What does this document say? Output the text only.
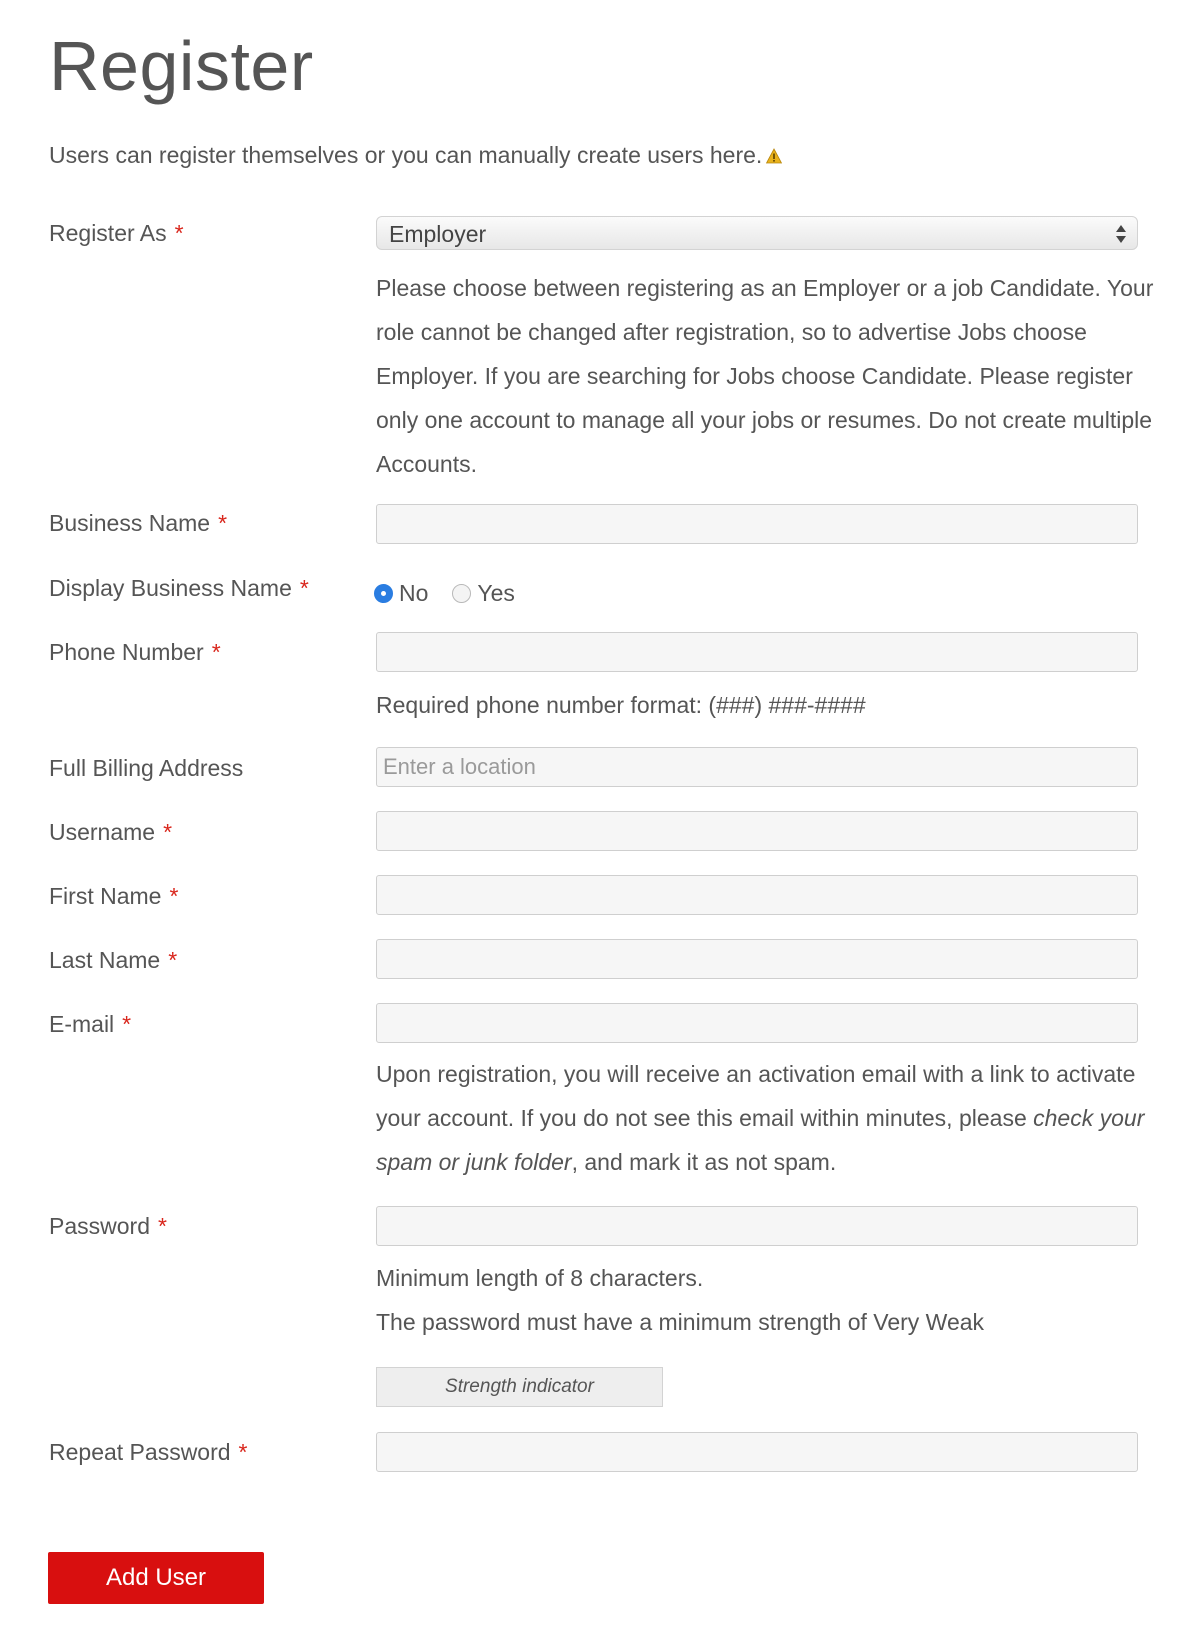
Register

Users can register themselves or you can manually create users here.

Register As *	Employer

Please choose between registering as an Employer or a job Candidate. Your role cannot be changed after registration, so to advertise Jobs choose Employer. If you are searching for Jobs choose Candidate. Please register only one account to manage all your jobs or resumes. Do not create multiple Accounts.

Business Name *
Display Business Name *	No Yes
Phone Number *

Required phone number format: (###) ###-####

Full Billing Address
Enter a location
Username *
First Name *
Last Name *
E-mail *

Upon registration, you will receive an activation email with a link to activate your account. If you do not see this email within minutes, please check your spam or junk folder, and mark it as not spam.

Password *

Minimum length of 8 characters.

The password must have a minimum strength of Very Weak

Strength indicator
Repeat Password *
Add User
